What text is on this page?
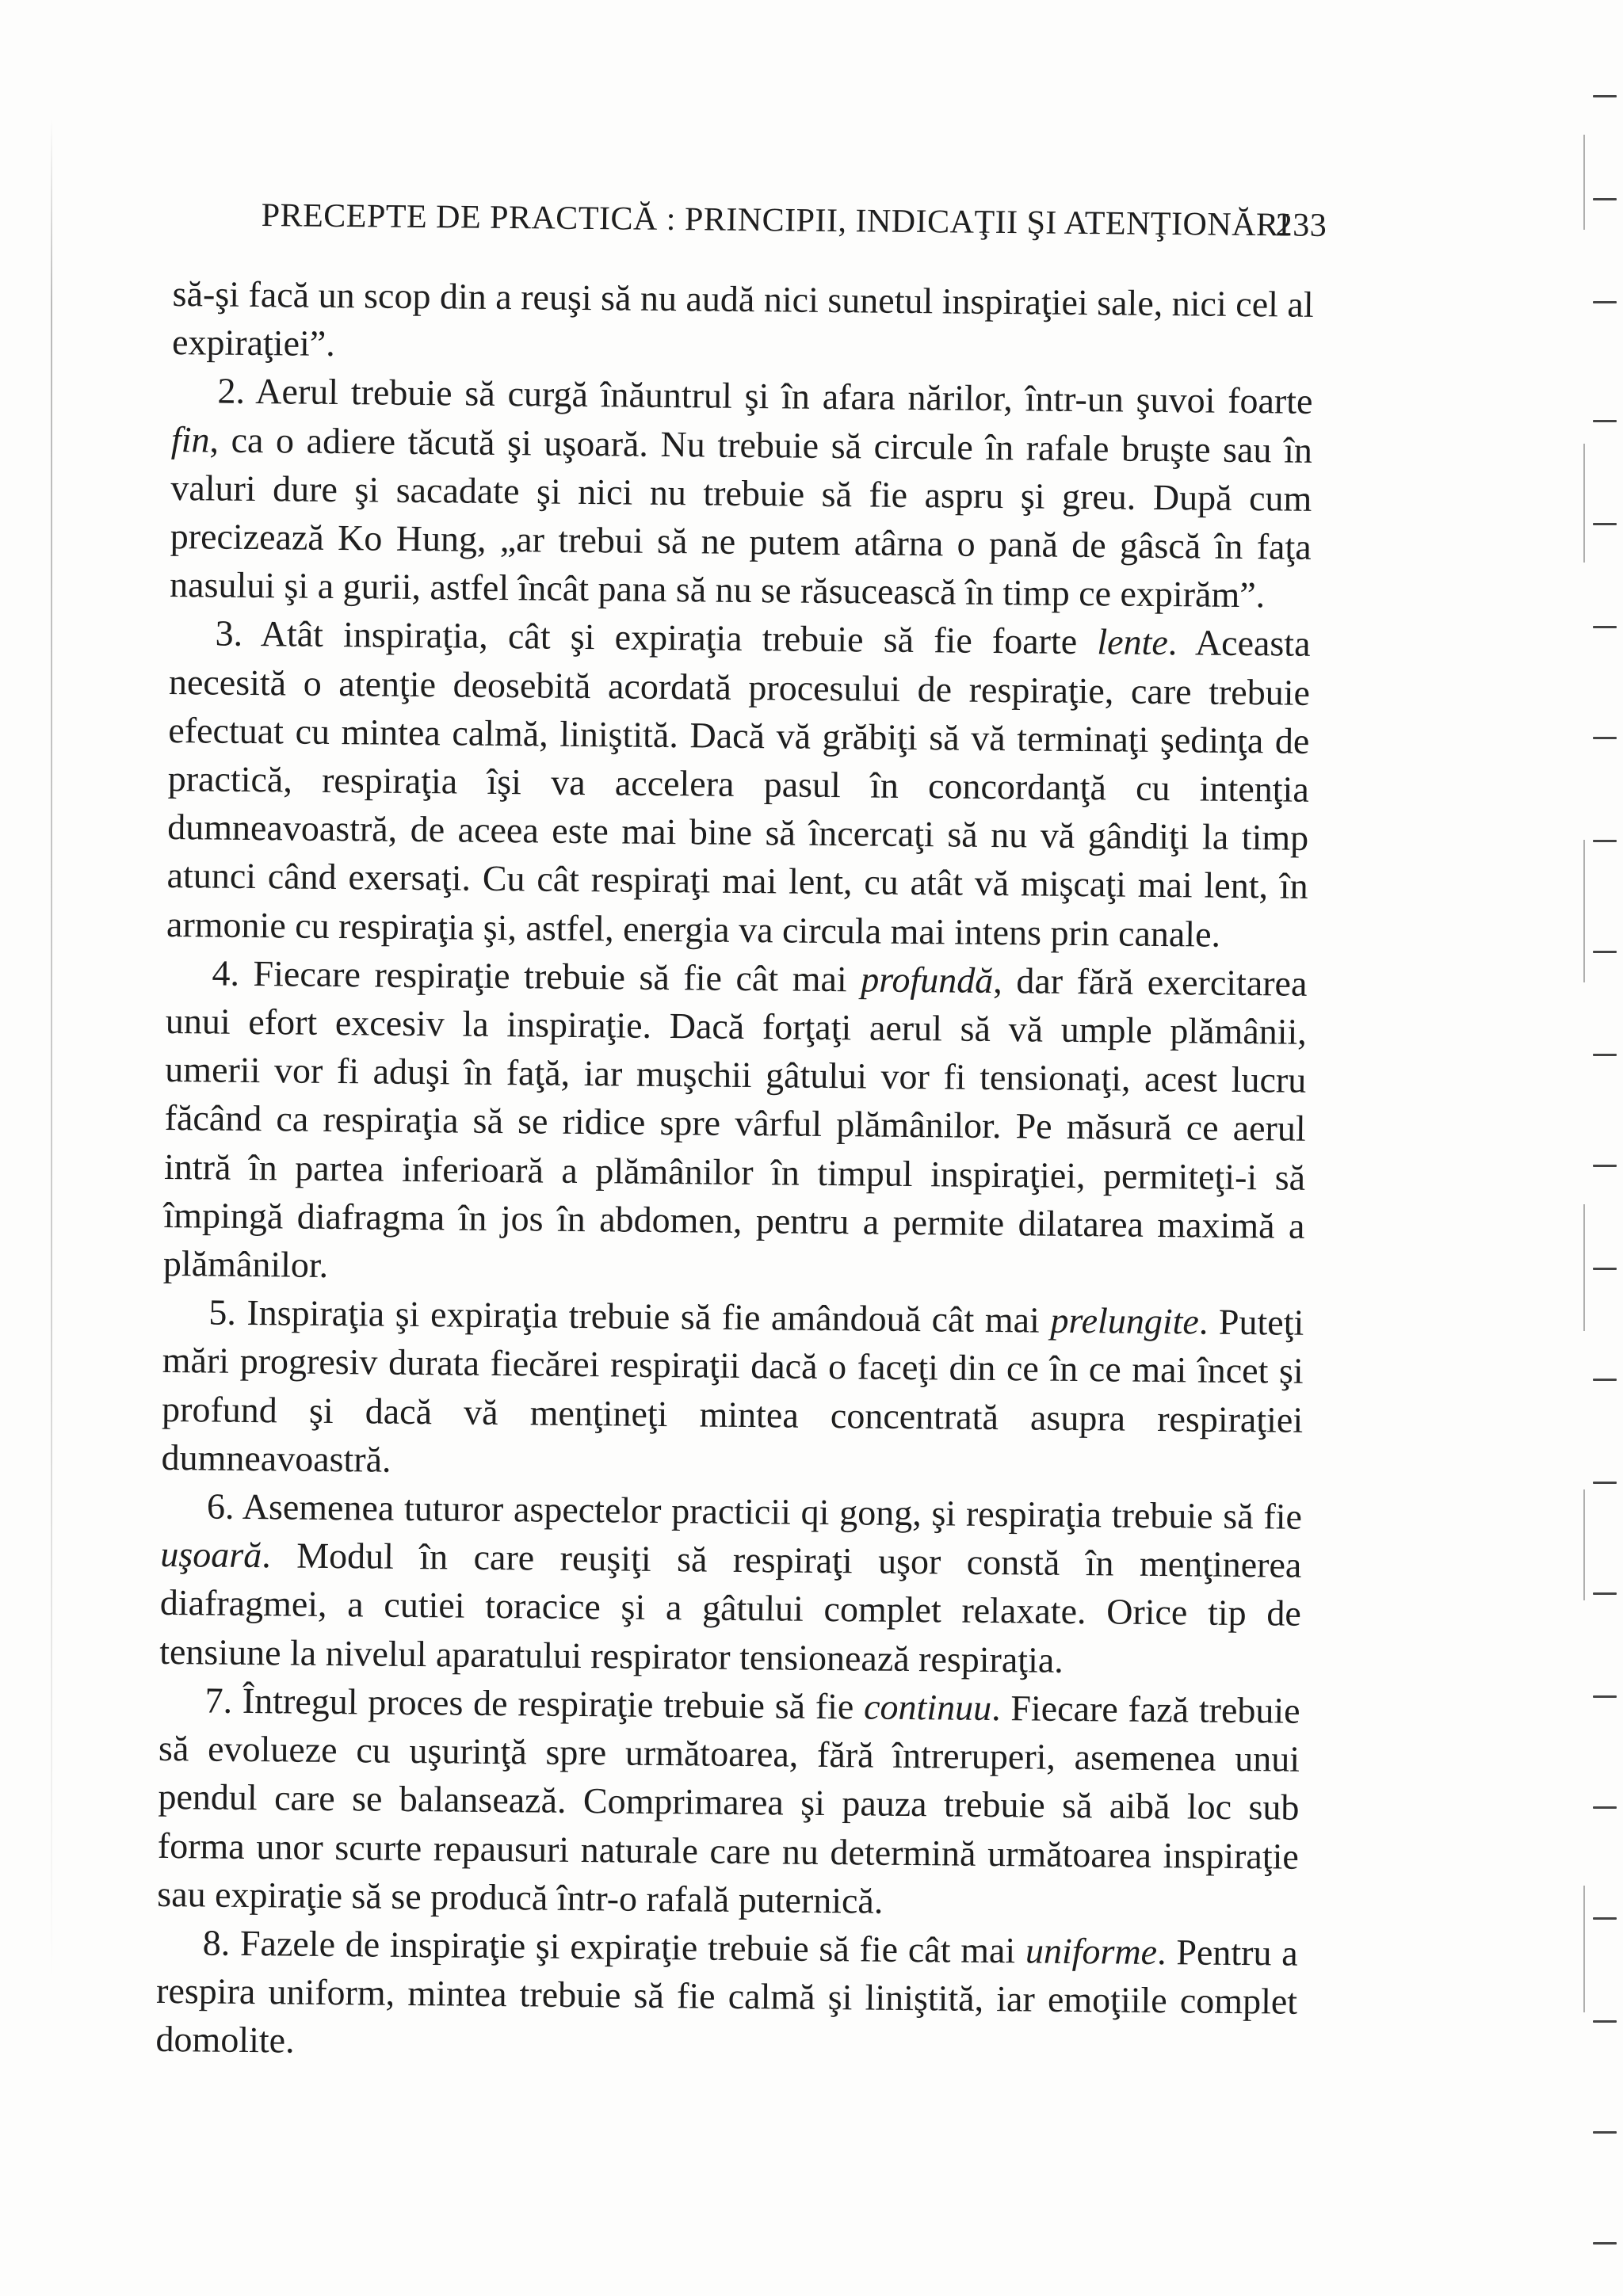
PRECEPTE DE PRACTICĂ : PRINCIPII, INDICAŢII ŞI ATENŢIONĂRI
233

să-şi facă un scop din a reuşi să nu audă nici sunetul inspiraţiei sale, nici cel al expiraţiei”.

2. Aerul trebuie să curgă înăuntrul şi în afara nărilor, într-un şuvoi foarte fin, ca o adiere tăcută şi uşoară. Nu trebuie să circule în rafale bruşte sau în valuri dure şi sacadate şi nici nu trebuie să fie aspru şi greu. După cum precizează Ko Hung, „ar trebui să ne putem atârna o pană de gâscă în faţa nasului şi a gurii, astfel încât pana să nu se răsucească în timp ce expirăm”.

3. Atât inspiraţia, cât şi expiraţia trebuie să fie foarte lente. Aceasta necesită o atenţie deosebită acordată procesului de respiraţie, care trebuie efectuat cu mintea calmă, liniştită. Dacă vă grăbiţi să vă terminaţi şedinţa de practică, respiraţia îşi va accelera pasul în concordanţă cu intenţia dumneavoastră, de aceea este mai bine să încercaţi să nu vă gândiţi la timp atunci când exersaţi. Cu cât respiraţi mai lent, cu atât vă mişcaţi mai lent, în armonie cu respiraţia şi, astfel, energia va circula mai intens prin canale.

4. Fiecare respiraţie trebuie să fie cât mai profundă, dar fără exercitarea unui efort excesiv la inspiraţie. Dacă forţaţi aerul să vă umple plămânii, umerii vor fi aduşi în faţă, iar muşchii gâtului vor fi tensionaţi, acest lucru făcând ca respiraţia să se ridice spre vârful plămânilor. Pe măsură ce aerul intră în partea inferioară a plămânilor în timpul inspiraţiei, permiteţi-i să împingă diafragma în jos în abdomen, pentru a permite dilatarea maximă a plămânilor.

5. Inspiraţia şi expiraţia trebuie să fie amândouă cât mai prelungite. Puteţi mări progresiv durata fiecărei respiraţii dacă o faceţi din ce în ce mai încet şi profund şi dacă vă menţineţi mintea concentrată asupra respiraţiei dumneavoastră.

6. Asemenea tuturor aspectelor practicii qi gong, şi respiraţia trebuie să fie uşoară. Modul în care reuşiţi să respiraţi uşor constă în menţinerea diafragmei, a cutiei toracice şi a gâtului complet relaxate. Orice tip de tensiune la nivelul aparatului respirator tensionează respiraţia.

7. Întregul proces de respiraţie trebuie să fie continuu. Fiecare fază trebuie să evolueze cu uşurinţă spre următoarea, fără întreruperi, asemenea unui pendul care se balansează. Comprimarea şi pauza trebuie să aibă loc sub forma unor scurte repausuri naturale care nu determină următoarea inspiraţie sau expiraţie să se producă într-o rafală puternică.

8. Fazele de inspiraţie şi expiraţie trebuie să fie cât mai uniforme. Pentru a respira uniform, mintea trebuie să fie calmă şi liniştită, iar emoţiile complet domolite.
